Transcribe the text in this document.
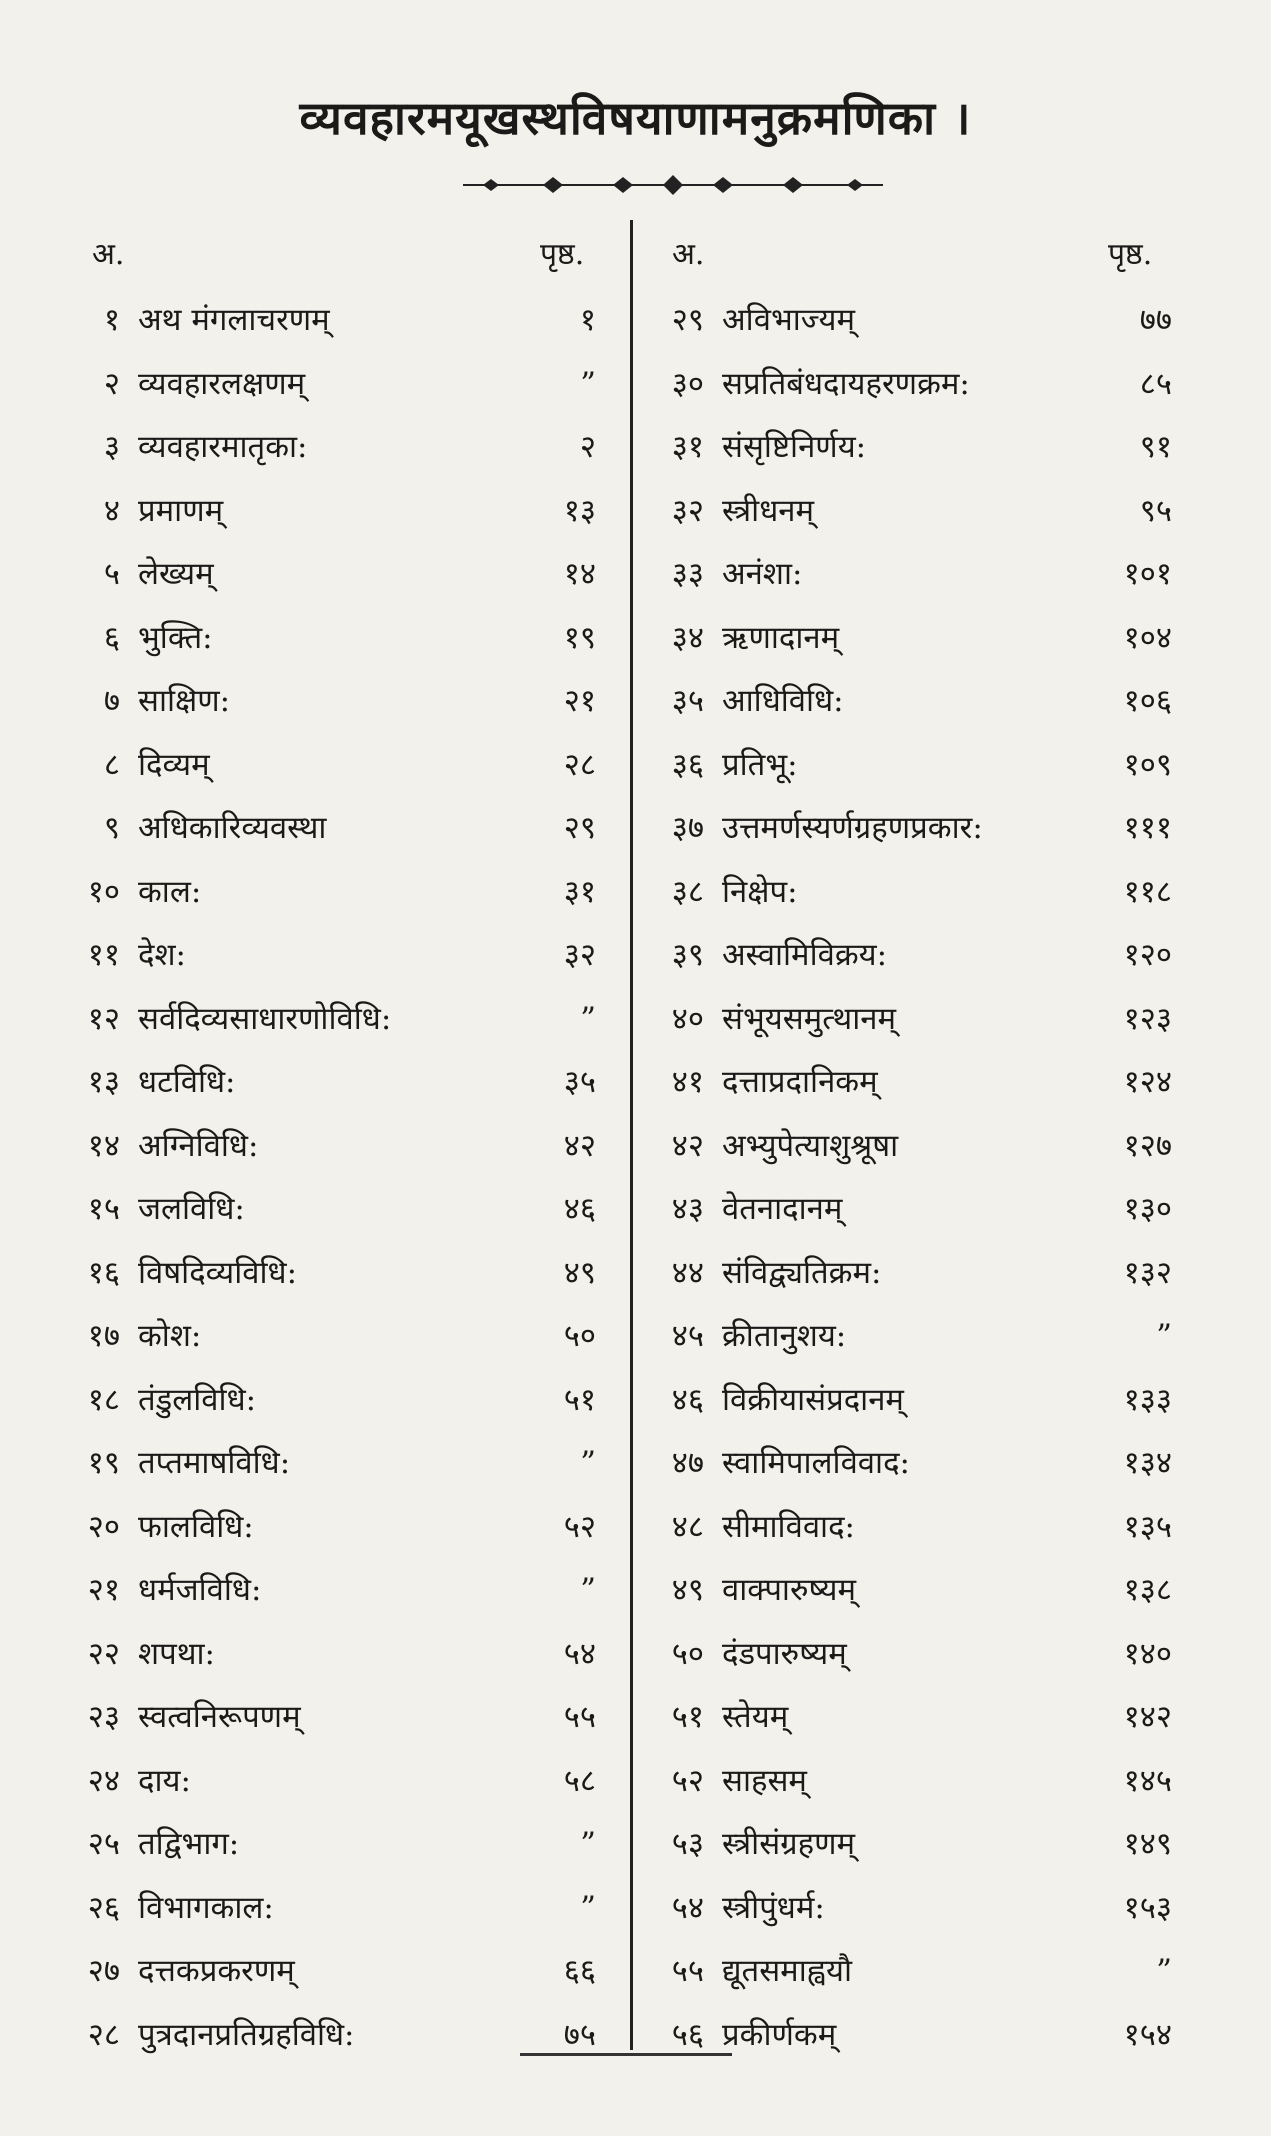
व्यवहारमयूखस्थविषयाणामनुक्रमणिका ।
अ.	पृष्ठ.	अ.	पृष्ठ.
१ अथ मंगलाचरणम्	१
२ व्यवहारलक्षणम्	”
३ व्यवहारमातृका:	२
४ प्रमाणम्	१३
५ लेख्यम्	१४
६ भुक्ति:	१९
७ साक्षिण:	२१
८ दिव्यम्	२८
९ अधिकारिव्यवस्था	२९
१० काल:	३१
११ देश:	३२
१२ सर्वदिव्यसाधारणोविधि:	”
१३ धटविधि:	३५
१४ अग्निविधि:	४२
१५ जलविधि:	४६
१६ विषदिव्यविधि:	४९
१७ कोश:	५०
१८ तंडुलविधि:	५१
१९ तप्तमाषविधि:	”
२० फालविधि:	५२
२१ धर्मजविधि:	”
२२ शपथा:	५४
२३ स्वत्वनिरूपणम्	५५
२४ दाय:	५८
२५ तद्विभाग:	”
२६ विभागकाल:	”
२७ दत्तकप्रकरणम्	६६
२८ पुत्रदानप्रतिग्रहविधि:	७५
२९ अविभाज्यम्	७७
३० सप्रतिबंधदायहरणक्रम:	८५
३१ संसृष्टिनिर्णय:	९१
३२ स्त्रीधनम्	९५
३३ अनंशा:	१०१
३४ ऋणादानम्	१०४
३५ आधिविधि:	१०६
३६ प्रतिभू:	१०९
३७ उत्तमर्णस्यर्णग्रहणप्रकार:	१११
३८ निक्षेप:	११८
३९ अस्वामिविक्रय:	१२०
४० संभूयसमुत्थानम्	१२३
४१ दत्ताप्रदानिकम्	१२४
४२ अभ्युपेत्याशुश्रूषा	१२७
४३ वेतनादानम्	१३०
४४ संविद्व्यतिक्रम:	१३२
४५ क्रीतानुशय:	”
४६ विक्रीयासंप्रदानम्	१३३
४७ स्वामिपालविवाद:	१३४
४८ सीमाविवाद:	१३५
४९ वाक्पारुष्यम्	१३८
५० दंडपारुष्यम्	१४०
५१ स्तेयम्	१४२
५२ साहसम्	१४५
५३ स्त्रीसंग्रहणम्	१४९
५४ स्त्रीपुंधर्म:	१५३
५५ द्यूतसमाह्वयौ	”
५६ प्रकीर्णकम्	१५४
